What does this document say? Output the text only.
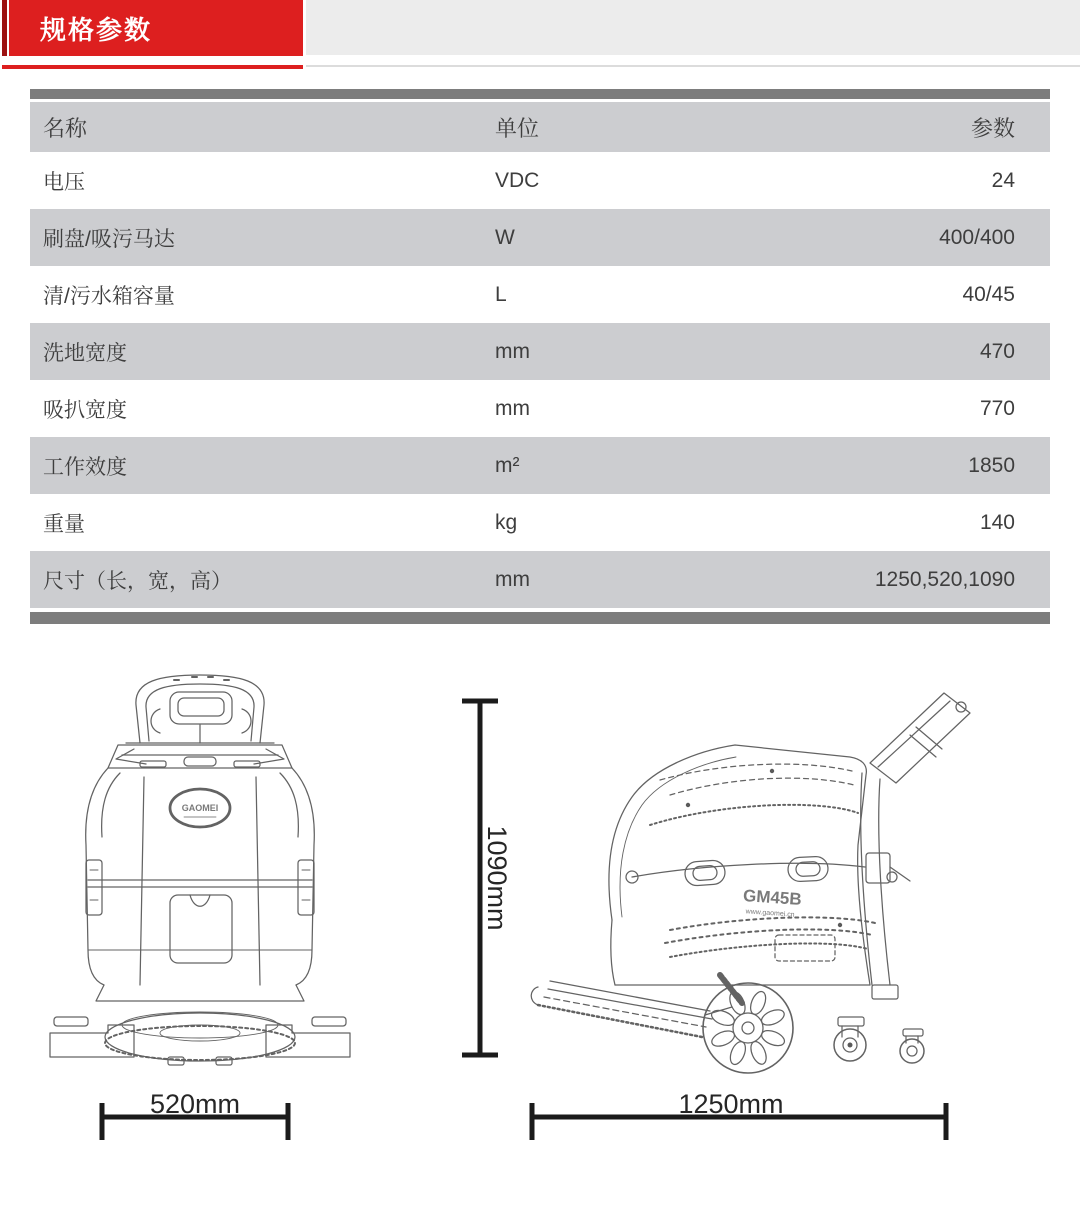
规格参数
名称	单位	参数
电压	VDC	24
刷盘/吸污马达	W	400/400
清/污水箱容量	L	40/45
洗地宽度	mm	470
吸扒宽度	mm	770
工作效度	m²	1850
重量	kg	140
尺寸（长，宽，高）	mm	1250,520,1090
GAOMEI
GM45B
www.gaomei.cn
1090mm
520mm	1250mm
